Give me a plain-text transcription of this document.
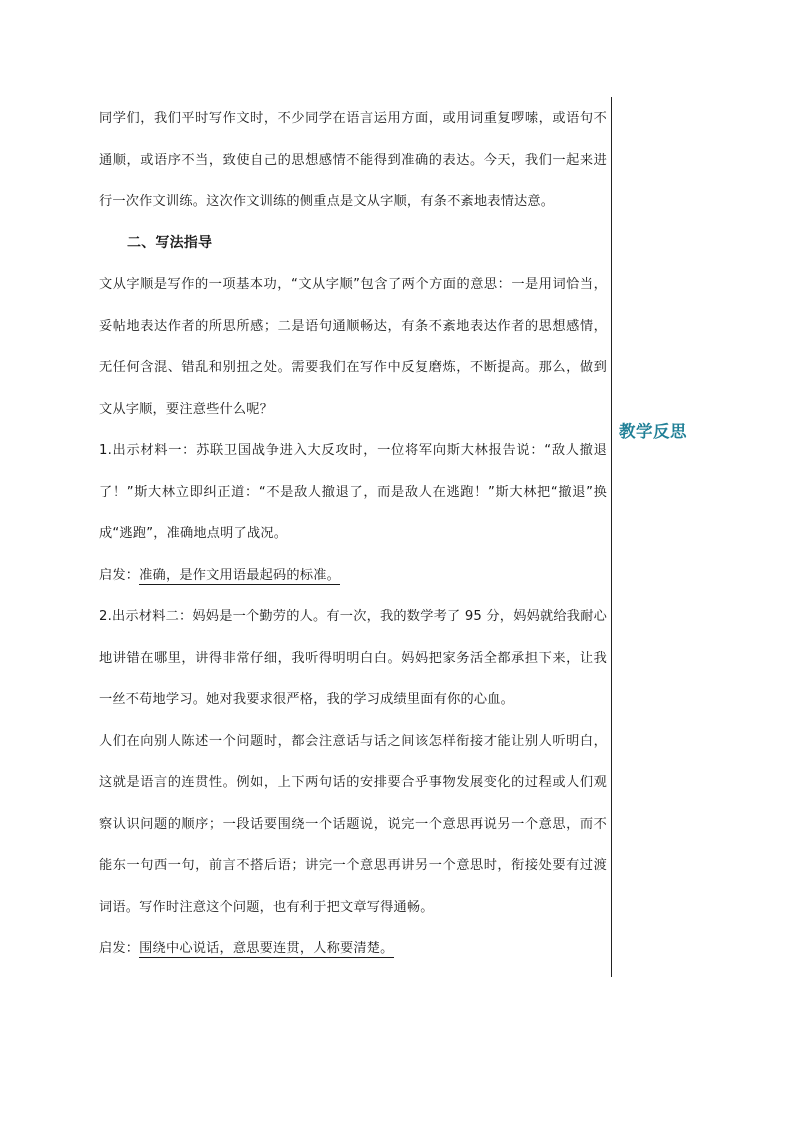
同学们，我们平时写作文时，不少同学在语言运用方面，或用词重复啰嗦，或语句不通顺，或语序不当，致使自己的思想感情不能得到准确的表达。今天，我们一起来进行一次作文训练。这次作文训练的侧重点是文从字顺，有条不紊地表情达意。

二、写法指导

文从字顺是写作的一项基本功，“文从字顺”包含了两个方面的意思：一是用词恰当，妥帖地表达作者的所思所感；二是语句通顺畅达，有条不紊地表达作者的思想感情，无任何含混、错乱和别扭之处。需要我们在写作中反复磨炼，不断提高。那么，做到文从字顺，要注意些什么呢？

1.出示材料一：苏联卫国战争进入大反攻时，一位将军向斯大林报告说：“敌人撤退了！”斯大林立即纠正道：“不是敌人撤退了，而是敌人在逃跑！”斯大林把“撤退”换成“逃跑”，准确地点明了战况。

启发：准确，是作文用语最起码的标准。

2.出示材料二：妈妈是一个勤劳的人。有一次，我的数学考了 95 分，妈妈就给我耐心地讲错在哪里，讲得非常仔细，我听得明明白白。妈妈把家务活全都承担下来，让我一丝不苟地学习。她对我要求很严格，我的学习成绩里面有你的心血。

人们在向别人陈述一个问题时，都会注意话与话之间该怎样衔接才能让别人听明白，这就是语言的连贯性。例如，上下两句话的安排要合乎事物发展变化的过程或人们观察认识问题的顺序；一段话要围绕一个话题说，说完一个意思再说另一个意思，而不能东一句西一句，前言不搭后语；讲完一个意思再讲另一个意思时，衔接处要有过渡词语。写作时注意这个问题，也有利于把文章写得通畅。

启发：围绕中心说话，意思要连贯，人称要清楚。

教学反思
